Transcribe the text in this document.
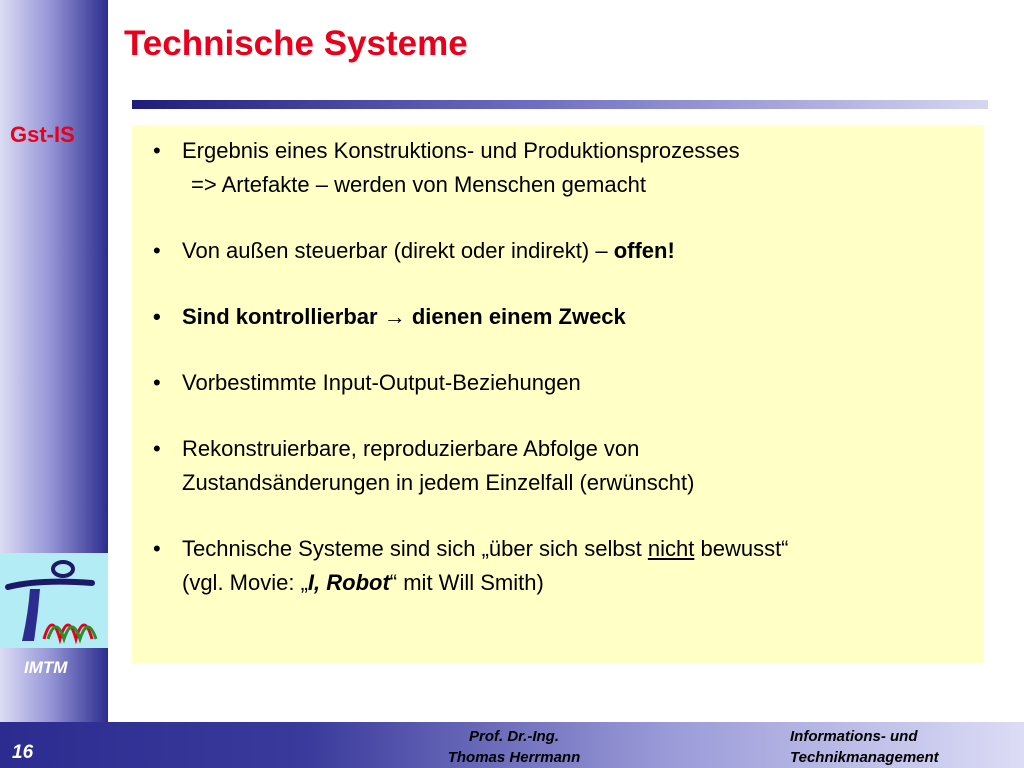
Technische Systeme
Gst-IS
IMTM
• Ergebnis eines Konstruktions- und Produktionsprozesses
=> Artefakte – werden von Menschen gemacht
• Von außen steuerbar (direkt oder indirekt) – offen!
• Sind kontrollierbar → dienen einem Zweck
• Vorbestimmte Input-Output-Beziehungen
• Rekonstruierbare, reproduzierbare Abfolge von
Zustandsänderungen in jedem Einzelfall (erwünscht)
• Technische Systeme sind sich „über sich selbst nicht bewusst“
(vgl. Movie: „I, Robot“ mit Will Smith)
16
Prof. Dr.-Ing.
Thomas Herrmann
Informations- und
Technikmanagement
